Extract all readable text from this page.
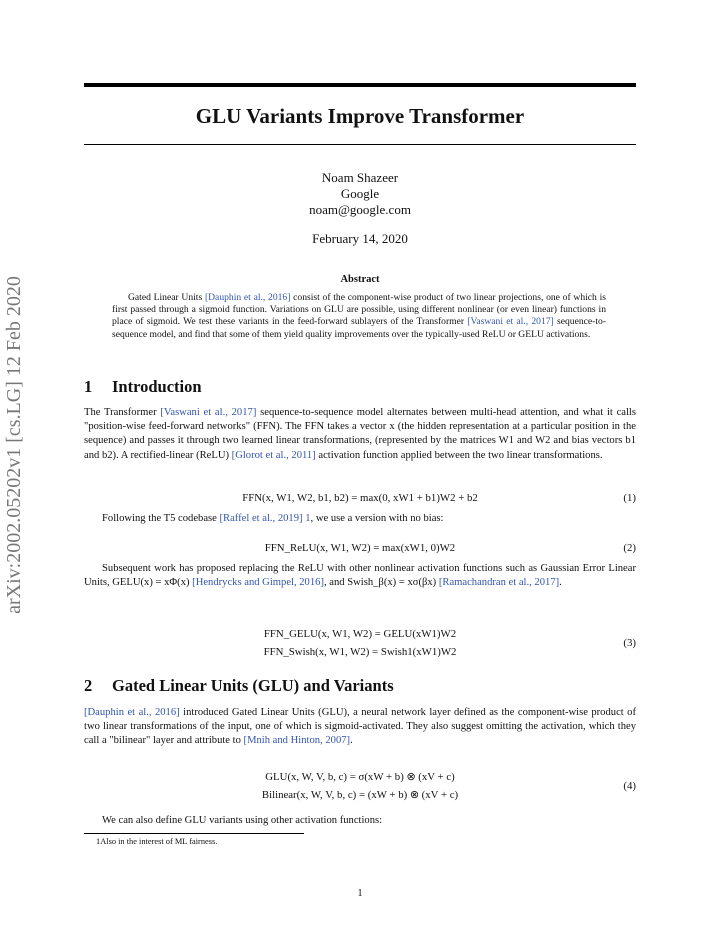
arXiv:2002.05202v1 [cs.LG] 12 Feb 2020
GLU Variants Improve Transformer
Noam Shazeer
Google
noam@google.com
February 14, 2020
Abstract
Gated Linear Units [Dauphin et al., 2016] consist of the component-wise product of two linear projections, one of which is first passed through a sigmoid function. Variations on GLU are possible, using different nonlinear (or even linear) functions in place of sigmoid. We test these variants in the feed-forward sublayers of the Transformer [Vaswani et al., 2017] sequence-to-sequence model, and find that some of them yield quality improvements over the typically-used ReLU or GELU activations.
1 Introduction
The Transformer [Vaswani et al., 2017] sequence-to-sequence model alternates between multi-head attention, and what it calls "position-wise feed-forward networks" (FFN). The FFN takes a vector x (the hidden representation at a particular position in the sequence) and passes it through two learned linear transformations, (represented by the matrices W1 and W2 and bias vectors b1 and b2). A rectified-linear (ReLU) [Glorot et al., 2011] activation function applied between the two linear transformations.
FFN(x, W1, W2, b1, b2) = max(0, xW1 + b1)W2 + b2	(1)
Following the T5 codebase [Raffel et al., 2019] 1, we use a version with no bias:
FFN_ReLU(x, W1, W2) = max(xW1, 0)W2	(2)
Subsequent work has proposed replacing the ReLU with other nonlinear activation functions such as Gaussian Error Linear Units, GELU(x) = xΦ(x) [Hendrycks and Gimpel, 2016], and Swish_β(x) = xσ(βx) [Ramachandran et al., 2017].
FFN_GELU(x, W1, W2) = GELU(xW1)W2
FFN_Swish(x, W1, W2) = Swish1(xW1)W2
(3)
2 Gated Linear Units (GLU) and Variants
[Dauphin et al., 2016] introduced Gated Linear Units (GLU), a neural network layer defined as the component-wise product of two linear transformations of the input, one of which is sigmoid-activated. They also suggest omitting the activation, which they call a "bilinear" layer and attribute to [Mnih and Hinton, 2007].
GLU(x, W, V, b, c) = σ(xW + b) ⊗ (xV + c)
Bilinear(x, W, V, b, c) = (xW + b) ⊗ (xV + c)
(4)
We can also define GLU variants using other activation functions:
1Also in the interest of ML fairness.
1
